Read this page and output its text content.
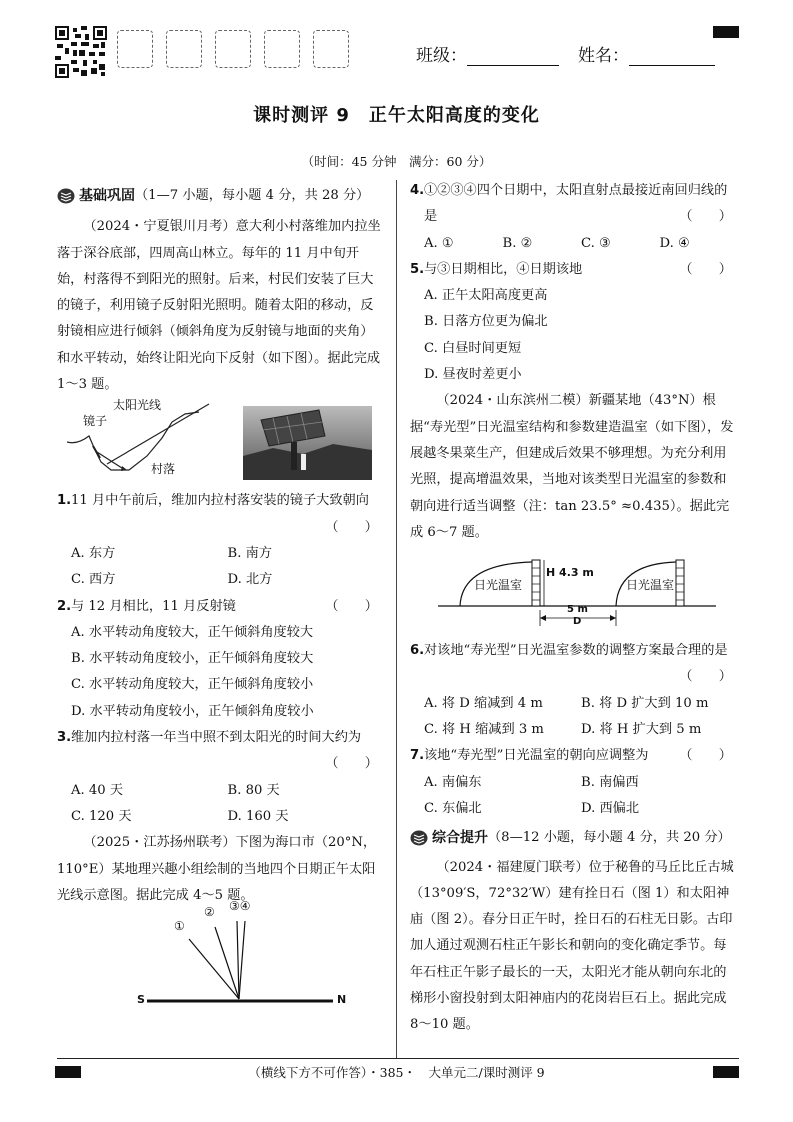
班级：	姓名：
课时测评 9　正午太阳高度的变化
（时间：45 分钟　满分：60 分）
基础巩固 （1—7 小题，每小题 4 分，共 28 分）

（2024・宁夏银川月考）意大利小村落维加内拉坐落于深谷底部，四周高山林立。每年的 11 月中旬开始，村落得不到阳光的照射。后来，村民们安装了巨大的镜子，利用镜子反射阳光照明。随着太阳的移动，反射镜相应进行倾斜（倾斜角度为反射镜与地面的夹角）和水平转动，始终让阳光向下反射（如下图）。据此完成 1～3 题。

太阳光线
镜子
村落
1. 11 月中午前后，维加内拉村落安装的镜子大致朝向
（　　）
A. 东方	B. 南方
C. 西方	D. 北方
2. 与 12 月相比，11 月反射镜	（　　）

A. 水平转动角度较大，正午倾斜角度较大

B. 水平转动角度较小，正午倾斜角度较大

C. 水平转动角度较大，正午倾斜角度较小

D. 水平转动角度较小，正午倾斜角度较小

3. 维加内拉村落一年当中照不到太阳光的时间大约为
（　　）
A. 40 天	B. 80 天
C. 120 天	D. 160 天

（2025・江苏扬州联考）下图为海口市（20°N，110°E）某地理兴趣小组绘制的当地四个日期正午太阳光线示意图。据此完成 4～5 题。

①
② ③④
S	N
4. ①②③④四个日期中，太阳直射点最接近南回归线的是	（　　）
A. ①	B. ②	C. ③	D. ④
5. 与③日期相比，④日期该地	（　　）

A. 正午太阳高度更高

B. 日落方位更为偏北

C. 白昼时间更短

D. 昼夜时差更小

（2024・山东滨州二模）新疆某地（43°N）根据“寿光型”日光温室结构和参数建造温室（如下图），发展越冬果菜生产，但建成后效果不够理想。为充分利用光照，提高增温效果，当地对该类型日光温室的参数和朝向进行适当调整（注：tan 23.5° ≈0.435）。据此完成 6～7 题。

日光温室	日光温室
H 4.3 m
5 m
D
6. 对该地“寿光型”日光温室参数的调整方案最合理的是
（　　）
A. 将 D 缩减到 4 m	B. 将 D 扩大到 10 m
C. 将 H 缩减到 3 m	D. 将 H 扩大到 5 m
7. 该地“寿光型”日光温室的朝向应调整为 （　　）
A. 南偏东	B. 南偏西
C. 东偏北	D. 西偏北
综合提升 （8—12 小题，每小题 4 分，共 20 分）

（2024・福建厦门联考）位于秘鲁的马丘比丘古城（13°09′S，72°32′W）建有拴日石（图 1）和太阳神庙（图 2）。春分日正午时，拴日石的石柱无日影。古印加人通过观测石柱正午影长和朝向的变化确定季节。每年石柱正午影子最长的一天，太阳光才能从朝向东北的梯形小窗投射到太阳神庙内的花岗岩巨石上。据此完成 8～10 题。

（横线下方不可作答）・385・　大单元二/课时测评 9
